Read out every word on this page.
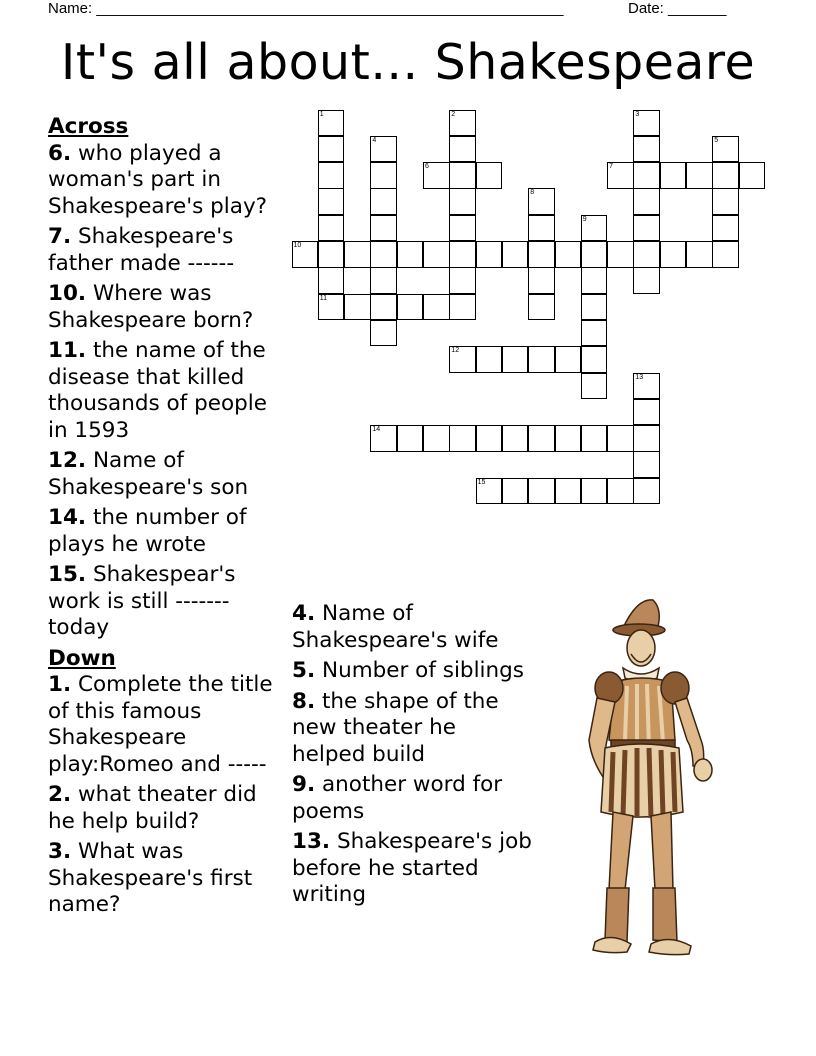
Name: ________________________________________________________	Date: _______
It's all about... Shakespeare
Across
6. who played a woman's part in Shakespeare's play?
7. Shakespeare's father made ------
10. Where was Shakespeare born?
11. the name of the disease that killed thousands of people in 1593
12. Name of Shakespeare's son
14. the number of plays he wrote
15. Shakespear's work is still ------- today
Down
1. Complete the title of this famous Shakespeare play:Romeo and -----
2. what theater did he help build?
3. What was Shakespeare's first name?
4. Name of Shakespeare's wife
5. Number of siblings
8. the shape of the new theater he helped build
9. another word for poems
13. Shakespeare's job before he started writing
1	2	3
4	5
6	7
8
9
10
11
12
13
14
15
